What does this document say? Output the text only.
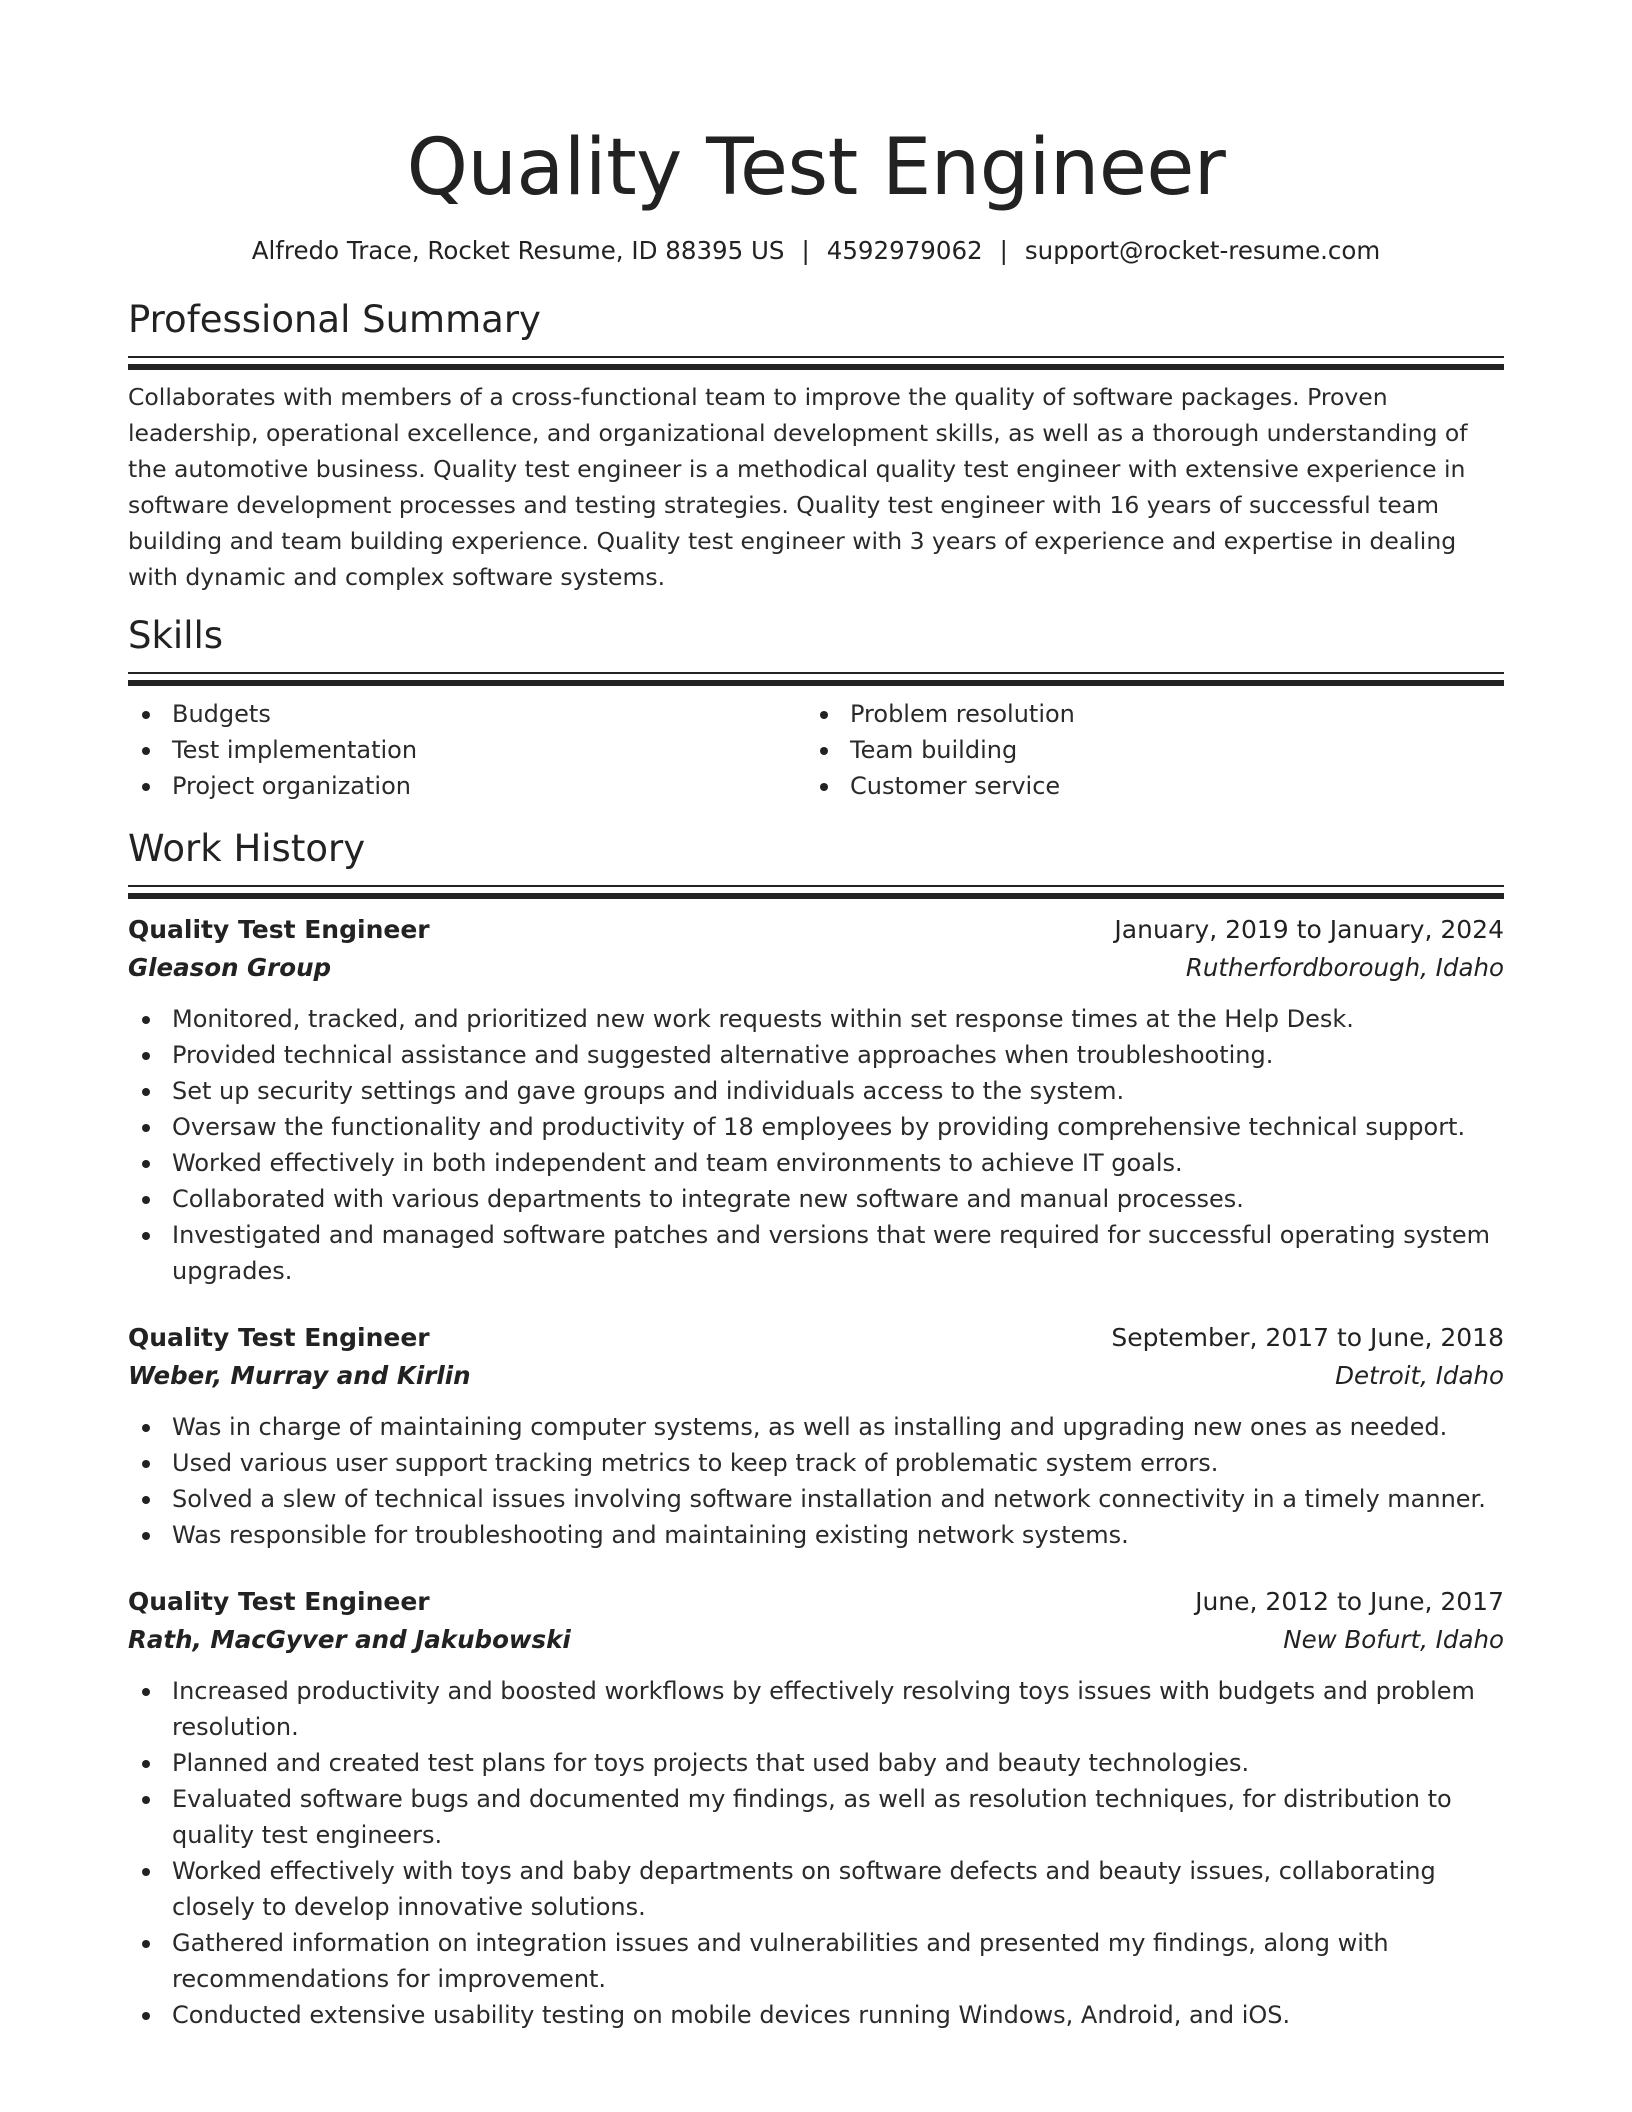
Quality Test Engineer
Alfredo Trace, Rocket Resume, ID 88395 US | 4592979062 | support@rocket-resume.com
Professional Summary

Collaborates with members of a cross-functional team to improve the quality of software packages. Proven leadership, operational excellence, and organizational development skills, as well as a thorough understanding of the automotive business. Quality test engineer is a methodical quality test engineer with extensive experience in software development processes and testing strategies. Quality test engineer with 16 years of successful team building and team building experience. Quality test engineer with 3 years of experience and expertise in dealing with dynamic and complex software systems.

Skills
Budgets
Test implementation
Project organization
Problem resolution
Team building
Customer service
Work History
Quality Test Engineer	January, 2019 to January, 2024
Gleason Group	Rutherfordborough, Idaho
Monitored, tracked, and prioritized new work requests within set response times at the Help Desk.
Provided technical assistance and suggested alternative approaches when troubleshooting.
Set up security settings and gave groups and individuals access to the system.
Oversaw the functionality and productivity of 18 employees by providing comprehensive technical support.
Worked effectively in both independent and team environments to achieve IT goals.
Collaborated with various departments to integrate new software and manual processes.
Investigated and managed software patches and versions that were required for successful operating system upgrades.
Quality Test Engineer	September, 2017 to June, 2018
Weber, Murray and Kirlin	Detroit, Idaho
Was in charge of maintaining computer systems, as well as installing and upgrading new ones as needed.
Used various user support tracking metrics to keep track of problematic system errors.
Solved a slew of technical issues involving software installation and network connectivity in a timely manner.
Was responsible for troubleshooting and maintaining existing network systems.
Quality Test Engineer	June, 2012 to June, 2017
Rath, MacGyver and Jakubowski	New Bofurt, Idaho
Increased productivity and boosted workflows by effectively resolving toys issues with budgets and problem resolution.
Planned and created test plans for toys projects that used baby and beauty technologies.
Evaluated software bugs and documented my findings, as well as resolution techniques, for distribution to quality test engineers.
Worked effectively with toys and baby departments on software defects and beauty issues, collaborating closely to develop innovative solutions.
Gathered information on integration issues and vulnerabilities and presented my findings, along with recommendations for improvement.
Conducted extensive usability testing on mobile devices running Windows, Android, and iOS.
